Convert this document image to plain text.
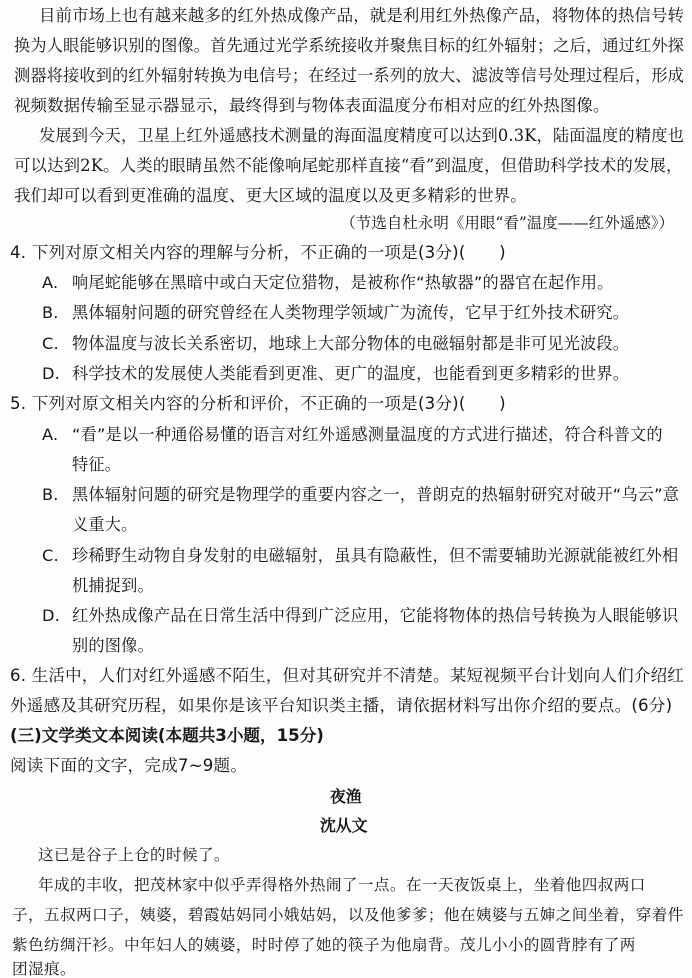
目前市场上也有越来越多的红外热成像产品，就是利用红外热像产品，将物体的热信号转
换为人眼能够识别的图像。首先通过光学系统接收并聚焦目标的红外辐射；之后，通过红外探
测器将接收到的红外辐射转换为电信号；在经过一系列的放大、滤波等信号处理过程后，形成
视频数据传输至显示器显示，最终得到与物体表面温度分布相对应的红外热图像。
发展到今天，卫星上红外遥感技术测量的海面温度精度可以达到0.3K，陆面温度的精度也
可以达到2K。人类的眼睛虽然不能像响尾蛇那样直接“看”到温度，但借助科学技术的发展，
我们却可以看到更准确的温度、更大区域的温度以及更多精彩的世界。
（节选自杜永明《用眼“看”温度——红外遥感》）
4. 下列对原文相关内容的理解与分析，不正确的一项是(3分)(　　)
A. 响尾蛇能够在黑暗中或白天定位猎物，是被称作“热敏器”的器官在起作用。
B. 黑体辐射问题的研究曾经在人类物理学领域广为流传，它早于红外技术研究。
C. 物体温度与波长关系密切，地球上大部分物体的电磁辐射都是非可见光波段。
D. 科学技术的发展使人类能看到更准、更广的温度，也能看到更多精彩的世界。
5. 下列对原文相关内容的分析和评价，不正确的一项是(3分)(　　)
A. “看”是以一种通俗易懂的语言对红外遥感测量温度的方式进行描述，符合科普文的
特征。
B. 黑体辐射问题的研究是物理学的重要内容之一，普朗克的热辐射研究对破开“乌云”意
义重大。
C. 珍稀野生动物自身发射的电磁辐射，虽具有隐蔽性，但不需要辅助光源就能被红外相
机捕捉到。
D. 红外热成像产品在日常生活中得到广泛应用，它能将物体的热信号转换为人眼能够识
别的图像。
6. 生活中，人们对红外遥感不陌生，但对其研究并不清楚。某短视频平台计划向人们介绍红
外遥感及其研究历程，如果你是该平台知识类主播，请依据材料写出你介绍的要点。(6分)
(三)文学类文本阅读(本题共3小题，15分)
阅读下面的文字，完成7~9题。
夜渔
沈从文
这已是谷子上仓的时候了。
年成的丰收，把茂林家中似乎弄得格外热闹了一点。在一天夜饭桌上，坐着他四叔两口
子，五叔两口子，姨婆，碧霞姑妈同小娥姑妈，以及他爹爹；他在姨婆与五婶之间坐着，穿着件
紫色纺绸汗衫。中年妇人的姨婆，时时停了她的筷子为他扇背。茂儿小小的圆背脖有了两
团湿痕。
